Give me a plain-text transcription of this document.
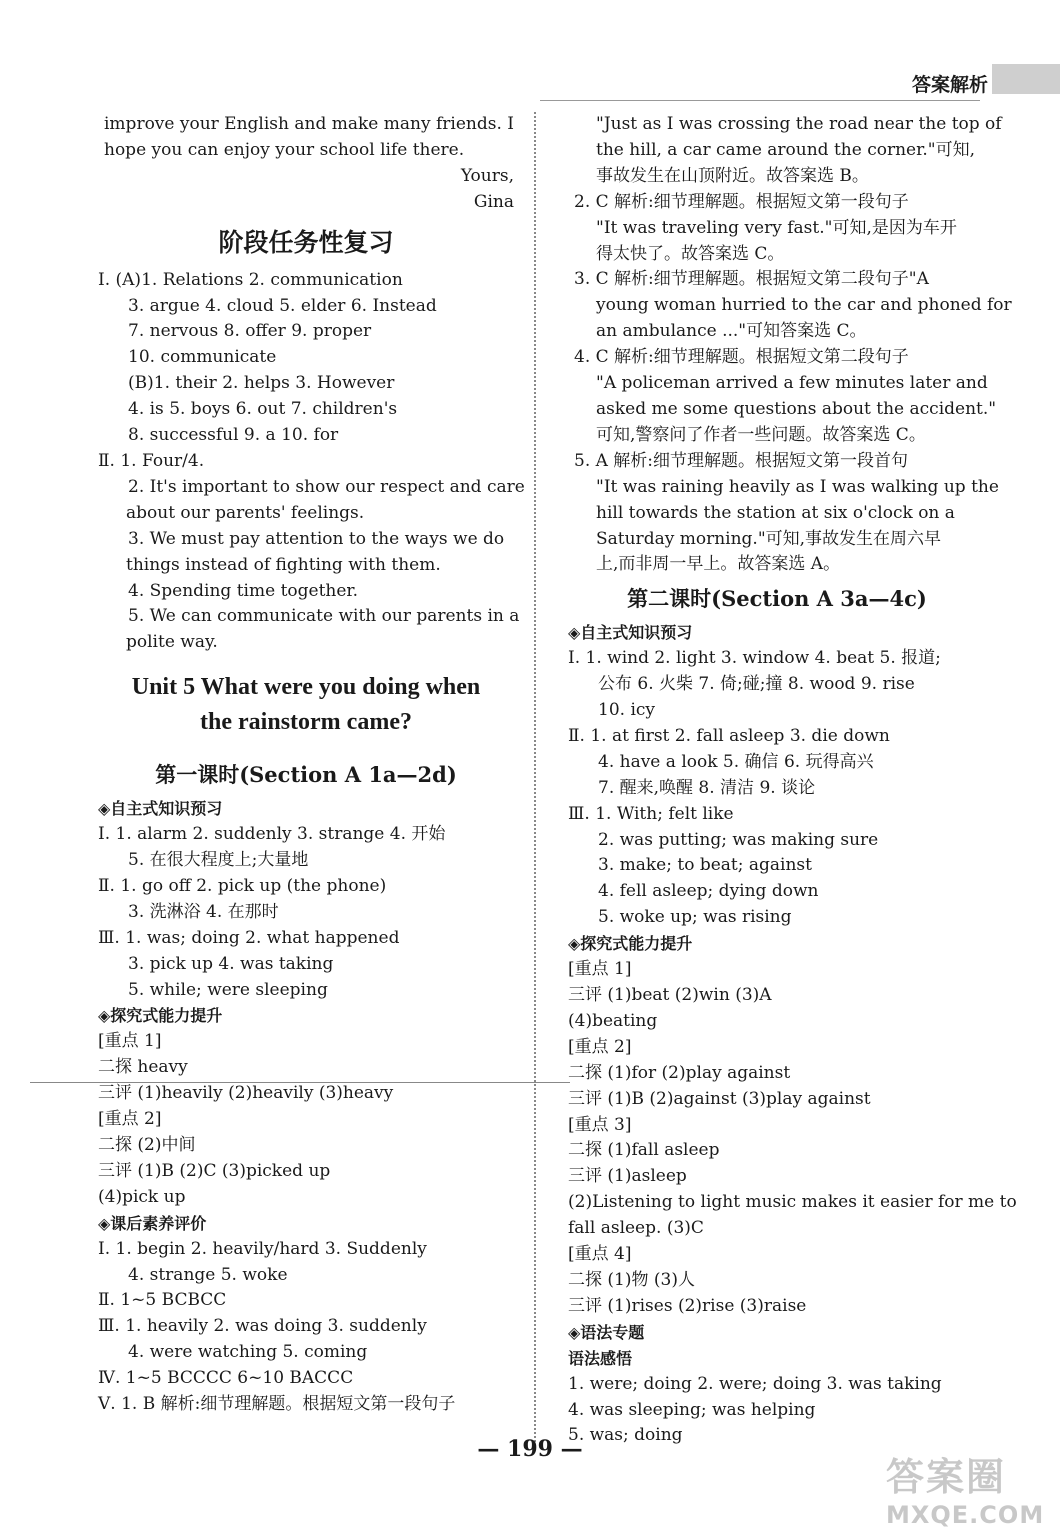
答案解析
improve your English and make many friends. I
hope you can enjoy your school life there.
Yours,
Gina
阶段任务性复习
Ⅰ. (A)1. Relations 2. communication
3. argue 4. cloud 5. elder 6. Instead
7. nervous 8. offer 9. proper
10. communicate
(B)1. their 2. helps 3. However
4. is 5. boys 6. out 7. children's
8. successful 9. a 10. for
Ⅱ. 1. Four/4.
2. It's important to show our respect and care
about our parents' feelings.
3. We must pay attention to the ways we do
things instead of fighting with them.
4. Spending time together.
5. We can communicate with our parents in a
polite way.
Unit 5 What were you doing when
the rainstorm came?
第一课时(Section A 1a—2d)
◈自主式知识预习
Ⅰ. 1. alarm 2. suddenly 3. strange 4. 开始
5. 在很大程度上;大量地
Ⅱ. 1. go off 2. pick up (the phone)
3. 洗淋浴 4. 在那时
Ⅲ. 1. was; doing 2. what happened
3. pick up 4. was taking
5. while; were sleeping
◈探究式能力提升
[重点 1]
二探 heavy
三评 (1)heavily (2)heavily (3)heavy
[重点 2]
二探 (2)中间
三评 (1)B (2)C (3)picked up
(4)pick up
◈课后素养评价
Ⅰ. 1. begin 2. heavily/hard 3. Suddenly
4. strange 5. woke
Ⅱ. 1~5 BCBCC
Ⅲ. 1. heavily 2. was doing 3. suddenly
4. were watching 5. coming
Ⅳ. 1~5 BCCCC 6~10 BACCC
Ⅴ. 1. B 解析:细节理解题。根据短文第一段句子
"Just as I was crossing the road near the top of
the hill, a car came around the corner."可知,
事故发生在山顶附近。故答案选 B。
2. C 解析:细节理解题。根据短文第一段句子
"It was traveling very fast."可知,是因为车开
得太快了。故答案选 C。
3. C 解析:细节理解题。根据短文第二段句子"A
young woman hurried to the car and phoned for
an ambulance ..."可知答案选 C。
4. C 解析:细节理解题。根据短文第二段句子
"A policeman arrived a few minutes later and
asked me some questions about the accident."
可知,警察问了作者一些问题。故答案选 C。
5. A 解析:细节理解题。根据短文第一段首句
"It was raining heavily as I was walking up the
hill towards the station at six o'clock on a
Saturday morning."可知,事故发生在周六早
上,而非周一早上。故答案选 A。
第二课时(Section A 3a—4c)
◈自主式知识预习
Ⅰ. 1. wind 2. light 3. window 4. beat 5. 报道;
公布 6. 火柴 7. 倚;碰;撞 8. wood 9. rise
10. icy
Ⅱ. 1. at first 2. fall asleep 3. die down
4. have a look 5. 确信 6. 玩得高兴
7. 醒来,唤醒 8. 清洁 9. 谈论
Ⅲ. 1. With; felt like
2. was putting; was making sure
3. make; to beat; against
4. fell asleep; dying down
5. woke up; was rising
◈探究式能力提升
[重点 1]
三评 (1)beat (2)win (3)A
(4)beating
[重点 2]
二探 (1)for (2)play against
三评 (1)B (2)against (3)play against
[重点 3]
二探 (1)fall asleep
三评 (1)asleep
(2)Listening to light music makes it easier for me to
fall asleep. (3)C
[重点 4]
二探 (1)物 (3)人
三评 (1)rises (2)rise (3)raise
◈语法专题
语法感悟
1. were; doing 2. were; doing 3. was taking
4. was sleeping; was helping
5. was; doing
— 199 —
答案圈
MXQE.COM
